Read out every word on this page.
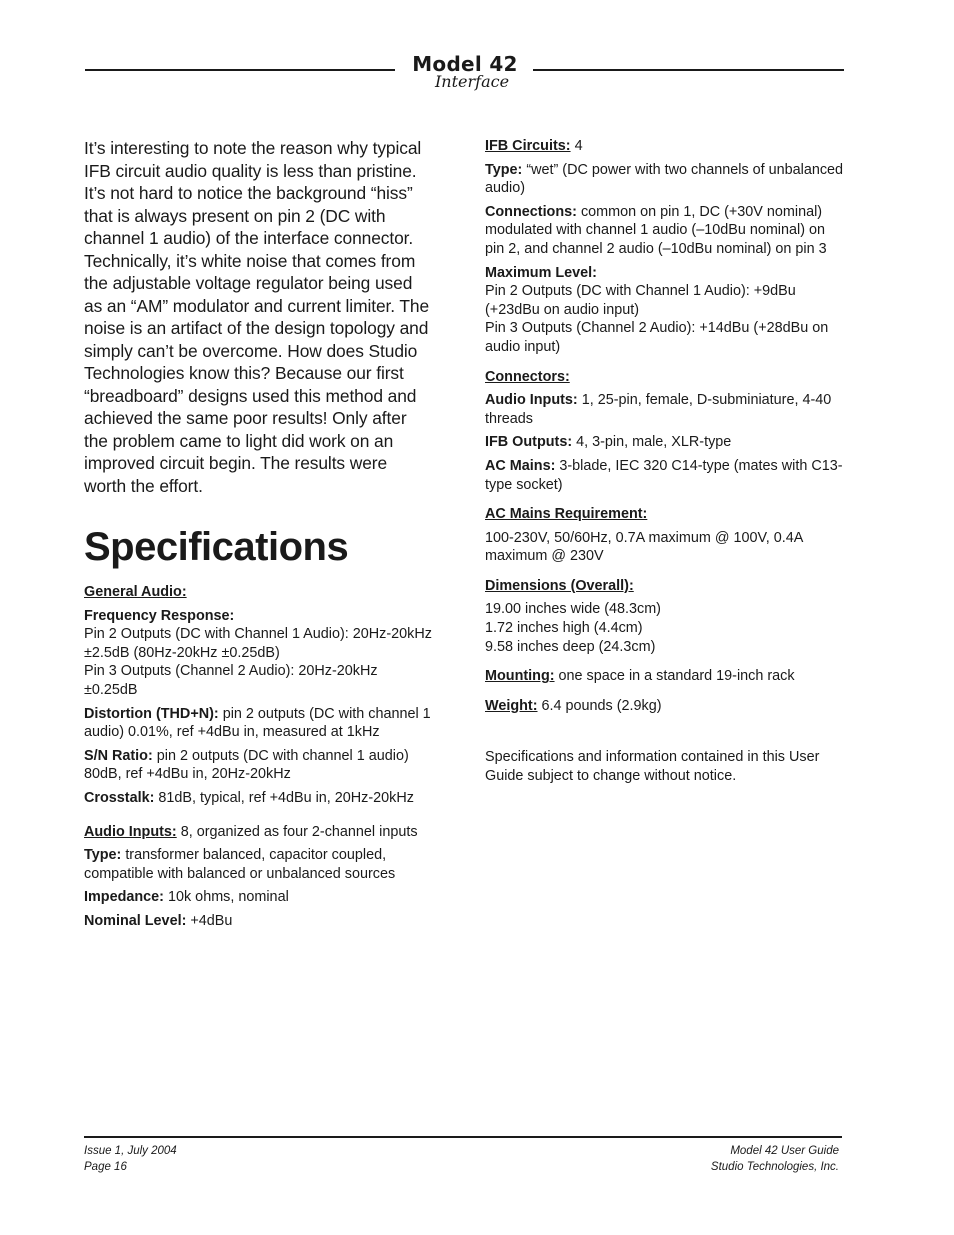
Model 42
Interface

It’s interesting to note the reason why typical IFB circuit audio quality is less than pristine. It’s not hard to notice the background “hiss” that is always present on pin 2 (DC with channel 1 audio) of the interface connector. Technically, it’s white noise that comes from the adjustable voltage regulator being used as an “AM” modulator and current limiter. The noise is an artifact of the design topology and simply can’t be overcome. How does Studio Technologies know this? Because our first “breadboard” designs used this method and achieved the same poor results! Only after the problem came to light did work on an improved circuit begin. The results were worth the effort.

Specifications
General Audio:
Frequency Response:
Pin 2 Outputs (DC with Channel 1 Audio): 20Hz-20kHz ±2.5dB (80Hz-20kHz ±0.25dB)
Pin 3 Outputs (Channel 2 Audio): 20Hz-20kHz ±0.25dB
Distortion (THD+N): pin 2 outputs (DC with channel 1 audio) 0.01%, ref +4dBu in, measured at 1kHz
S/N Ratio: pin 2 outputs (DC with channel 1 audio) 80dB, ref +4dBu in, 20Hz-20kHz
Crosstalk: 81dB, typical, ref +4dBu in, 20Hz-20kHz
Audio Inputs: 8, organized as four 2-channel inputs
Type: transformer balanced, capacitor coupled, compatible with balanced or unbalanced sources
Impedance: 10k ohms, nominal
Nominal Level: +4dBu
IFB Circuits: 4
Type: “wet” (DC power with two channels of unbalanced audio)
Connections: common on pin 1, DC (+30V nominal) modulated with channel 1 audio (–10dBu nominal) on pin 2, and channel 2 audio (–10dBu nominal) on pin 3
Maximum Level:
Pin 2 Outputs (DC with Channel 1 Audio): +9dBu (+23dBu on audio input)
Pin 3 Outputs (Channel 2 Audio): +14dBu (+28dBu on audio input)
Connectors:
Audio Inputs: 1, 25-pin, female, D-subminiature, 4-40 threads
IFB Outputs: 4, 3-pin, male, XLR-type
AC Mains: 3-blade, IEC 320 C14-type (mates with C13-type socket)
AC Mains Requirement:
100-230V, 50/60Hz, 0.7A maximum @ 100V, 0.4A maximum @ 230V
Dimensions (Overall):
19.00 inches wide (48.3cm)
1.72 inches high (4.4cm)
9.58 inches deep (24.3cm)
Mounting: one space in a standard 19-inch rack
Weight: 6.4 pounds (2.9kg)
Specifications and information contained in this User Guide subject to change without notice.
Issue 1, July 2004
Page 16
Model 42 User Guide
Studio Technologies, Inc.
